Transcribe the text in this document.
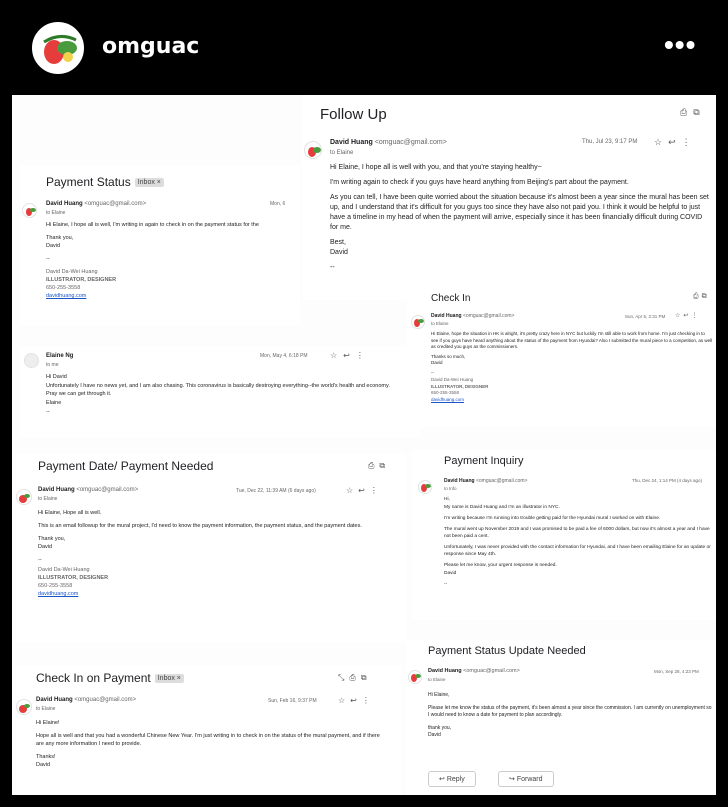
omguac	•••
Follow Up	⎙⧉
David Huang <omguac@gmail.com>
to Elaine
Thu, Jul 23, 9:17 PM ☆↩⋮

Hi Elaine, I hope all is well with you, and that you're staying healthy~

I'm writing again to check if you guys have heard anything from Beijing's part about the payment.

As you can tell, I have been quite worried about the situation because it's almost been a year since the mural has been set up, and I understand that it's difficult for you guys too since they have also not paid you. I think it would be helpful to just have a timeline in my head of when the payment will arrive, especially since it has been financially difficult during COVID for me.

Best,
David

--

Payment Status Inbox ×
David Huang <omguac@gmail.com>
to Elaine
Mon, 6

Hi Elaine, I hope all is well, I'm writing in again to check in on the payment status for the

Thank you,
David

--

David Da-Wei Huang
ILLUSTRATOR, DESIGNER
650-255-3558
davidhuang.com

Elaine Ng
to me
Mon, May 4, 6:18 PM	☆↩⋮

Hi David

Unfortunately I have no news yet, and I am also chasing. This coronavirus is basically destroying everything--the world's health and economy. Pray we can get through it.

Elaine

--

Check In	⎙⧉
David Huang <omguac@gmail.com>
to Elaine
Sun, Apr 5, 2:31 PM ☆↩⋮

Hi Elaine, hope the situation in HK is alright, it's pretty crazy here in NYC but luckily I'm still able to work from home. I'm just checking in to see if you guys have heard anything about the status of the payment from Hyundai? Also I submitted the mural piece to a competition, as well as credited you guys as the commissioners.

Thanks so much,
David

--

David Da-Wei Huang
ILLUSTRATOR, DESIGNER
650-255-3558
davidhuang.com

Payment Date/ Payment Needed	⎙⧉
David Huang <omguac@gmail.com>
to Elaine
Tue, Dec 22, 11:39 AM (6 days ago)	☆↩⋮

Hi Elaine, Hope all is well.

This is an email followup for the mural project, I'd need to know the payment information, the payment status, and the payment dates.

Thank you,
David

--

David Da-Wei Huang
ILLUSTRATOR, DESIGNER
650-255-3558
davidhuang.com

Payment Inquiry
David Huang <omguac@gmail.com>
to Info
Thu, Dec 24, 1:14 PM (4 days ago)

Hi,

My name is David Huang and I'm an illustrator in NYC.

I'm writing because I'm running into trouble getting paid for the Hyundai mural I worked on with Elaine.

The mural went up November 2019 and I was promised to be paid a fee of 6000 dollars, but now it's almost a year and I have not been paid a cent.

Unfortunately, I was never provided with the contact information for Hyundai, and I have been emailing Elaine for an update or response since May 4th.

Please let me know, your urgent response is needed.

David

--

Check In on Payment Inbox ×	⤡⎙⧉
David Huang <omguac@gmail.com>
to Elaine
Sun, Feb 16, 9:37 PM	☆↩⋮

Hi Elaine!

Hope all is well and that you had a wonderful Chinese New Year. I'm just writing in to check in on the status of the mural payment, and if there are any more information I need to provide.

Thanks!
David

Payment Status Update Needed
David Huang <omguac@gmail.com>
to Elaine
Mon, Sep 28, 4:23 PM

Hi Elaine,

Please let me know the status of the payment, it's been almost a year since the commission. I am currently on unemployment so I would need to know a date for payment to plan accordingly.

thank you,
David

↩ Reply	↪ Forward
